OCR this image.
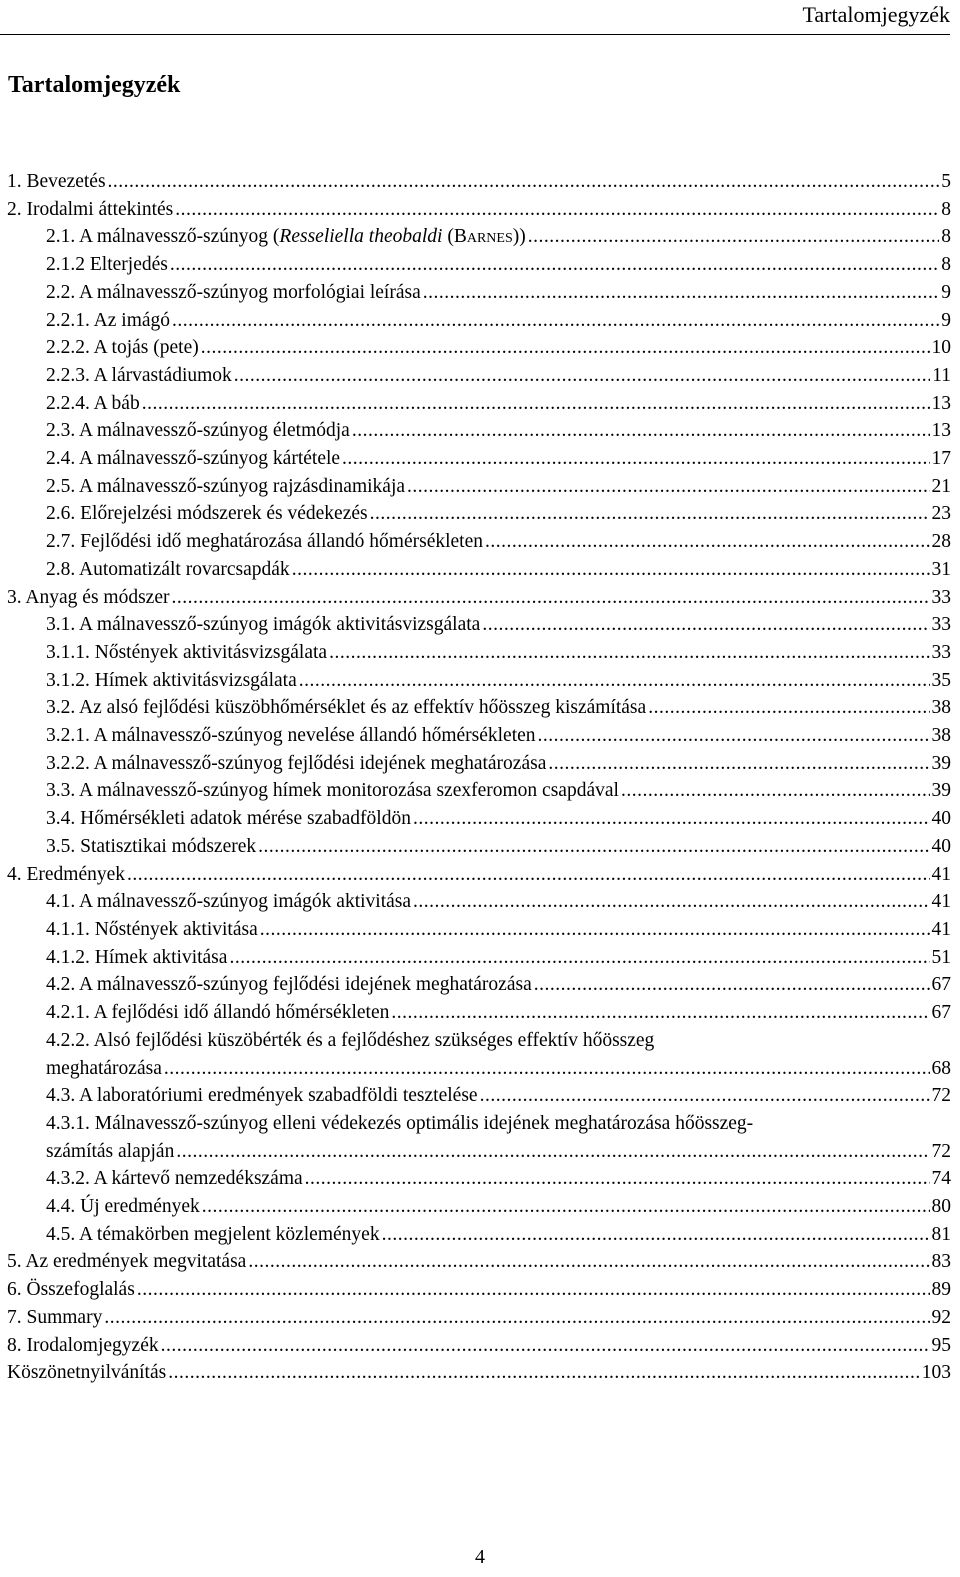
Tartalomjegyzék
Tartalomjegyzék
1. Bevezetés .....	5
2. Irodalmi áttekintés .....	8
2.1. A málnavessző-szúnyog (Resseliella theobaldi (Barnes)) .....	8
2.1.2 Elterjedés .....	8
2.2. A málnavessző-szúnyog morfológiai leírása .....	9
2.2.1. Az imágó .....	9
2.2.2. A tojás (pete) .....	10
2.2.3. A lárvastádiumok .....	11
2.2.4. A báb .....	13
2.3. A málnavessző-szúnyog életmódja .....	13
2.4. A málnavessző-szúnyog kártétele .....	17
2.5. A málnavessző-szúnyog rajzásdinamikája .....	21
2.6. Előrejelzési módszerek és védekezés .....	23
2.7. Fejlődési idő meghatározása állandó hőmérsékleten .....	28
2.8. Automatizált rovarcsapdák .....	31
3. Anyag és módszer .....	33
3.1. A málnavessző-szúnyog imágók aktivitásvizsgálata .....	33
3.1.1. Nőstények aktivitásvizsgálata .....	33
3.1.2. Hímek aktivitásvizsgálata .....	35
3.2. Az alsó fejlődési küszöbhőmérséklet és az effektív hőösszeg kiszámítása .....	38
3.2.1. A málnavessző-szúnyog nevelése állandó hőmérsékleten .....	38
3.2.2. A málnavessző-szúnyog fejlődési idejének meghatározása .....	39
3.3. A málnavessző-szúnyog hímek monitorozása szexferomon csapdával .....	39
3.4. Hőmérsékleti adatok mérése szabadföldön .....	40
3.5. Statisztikai módszerek .....	40
4. Eredmények .....	41
4.1. A málnavessző-szúnyog imágók aktivitása .....	41
4.1.1. Nőstények aktivitása .....	41
4.1.2. Hímek aktivitása .....	51
4.2. A málnavessző-szúnyog fejlődési idejének meghatározása .....	67
4.2.1. A fejlődési idő állandó hőmérsékleten .....	67
4.2.2. Alsó fejlődési küszöbérték és a fejlődéshez szükséges effektív hőösszeg
meghatározása .....	68
4.3. A laboratóriumi eredmények szabadföldi tesztelése .....	72
4.3.1. Málnavessző-szúnyog elleni védekezés optimális idejének meghatározása hőösszeg-
számítás alapján .....	72
4.3.2. A kártevő nemzedékszáma .....	74
4.4. Új eredmények .....	80
4.5. A témakörben megjelent közlemények .....	81
5. Az eredmények megvitatása .....	83
6. Összefoglalás .....	89
7. Summary .....	92
8. Irodalomjegyzék .....	95
Köszönetnyilvánítás .....	103
4
